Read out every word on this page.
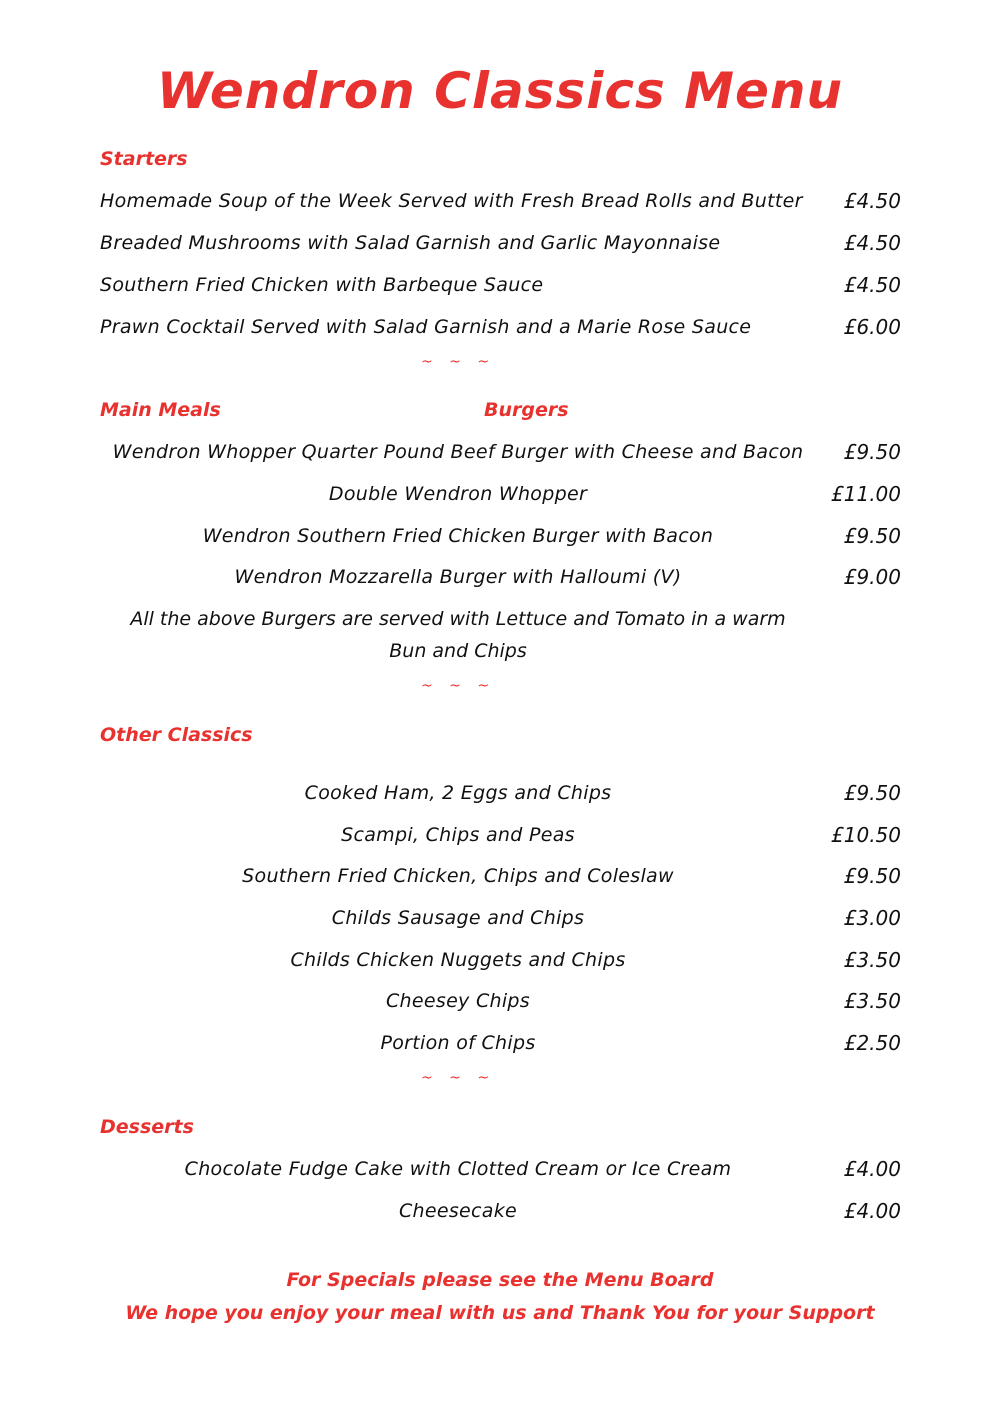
Wendron Classics Menu
Starters
Homemade Soup of the Week Served with Fresh Bread Rolls and Butter £4.50
Breaded Mushrooms with Salad Garnish and Garlic Mayonnaise	£4.50
Southern Fried Chicken with Barbeque Sauce	£4.50
Prawn Cocktail Served with Salad Garnish and a Marie Rose Sauce	£6.00
~ ~ ~
Main Meals	Burgers
Wendron Whopper Quarter Pound Beef Burger with Cheese and Bacon	£9.50
Double Wendron Whopper	£11.00
Wendron Southern Fried Chicken Burger with Bacon	£9.50
Wendron Mozzarella Burger with Halloumi (V)	£9.00
All the above Burgers are served with Lettuce and Tomato in a warm
Bun and Chips
~ ~ ~
Other Classics
Cooked Ham, 2 Eggs and Chips	£9.50
Scampi, Chips and Peas	£10.50
Southern Fried Chicken, Chips and Coleslaw	£9.50
Childs Sausage and Chips	£3.00
Childs Chicken Nuggets and Chips	£3.50
Cheesey Chips	£3.50
Portion of Chips	£2.50
~ ~ ~
Desserts
Chocolate Fudge Cake with Clotted Cream or Ice Cream	£4.00
Cheesecake	£4.00
For Specials please see the Menu Board
We hope you enjoy your meal with us and Thank You for your Support
